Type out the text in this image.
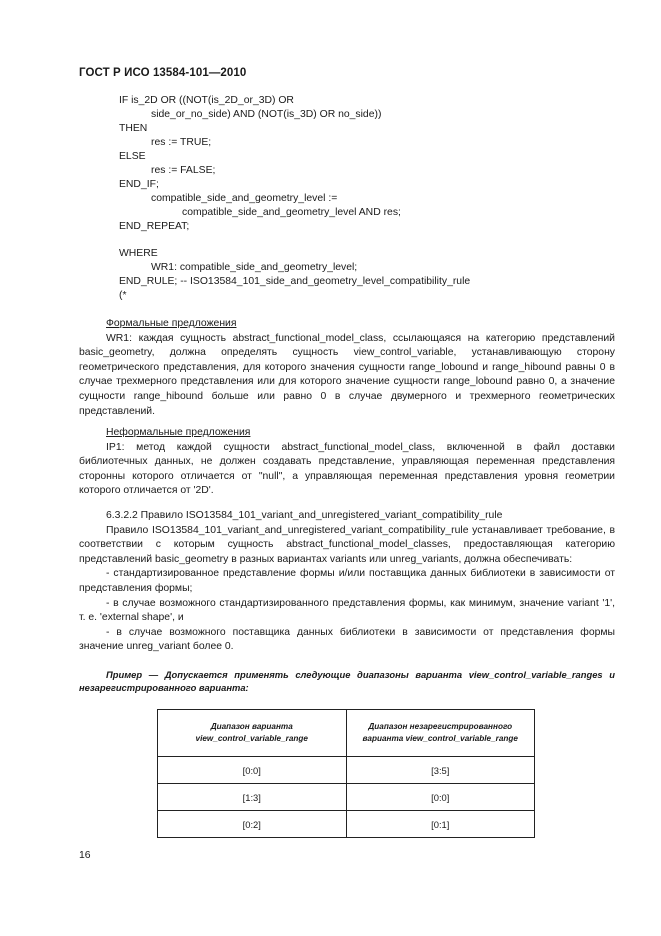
ГОСТ Р ИСО 13584-101—2010
IF is_2D OR ((NOT(is_2D_or_3D) OR
side_or_no_side) AND (NOT(is_3D) OR no_side))
THEN
res := TRUE;
ELSE
res := FALSE;
END_IF;
compatible_side_and_geometry_level :=
compatible_side_and_geometry_level AND res;
END_REPEAT;
WHERE
WR1: compatible_side_and_geometry_level;
END_RULE; -- ISO13584_101_side_and_geometry_level_compatibility_rule
(*

Формальные предложения

WR1: каждая сущность abstract_functional_model_class, ссылающаяся на категорию представлений basic_geometry, должна определять сущность view_control_variable, устанавливающую сторону геометрического представления, для которого значения сущности range_lobound и range_hibound равны 0 в случае трехмерного представления или для которого значение сущности range_lobound равно 0, а значение сущности range_hibound больше или равно 0 в случае двумерного и трехмерного геометрических представлений.

Неформальные предложения

IP1: метод каждой сущности abstract_functional_model_class, включенной в файл доставки библиотечных данных, не должен создавать представление, управляющая переменная представления сторонны которого отличается от "null", а управляющая переменная представления уровня геометрии которого отличается от '2D'.

6.3.2.2 Правило ISO13584_101_variant_and_unregistered_variant_compatibility_rule

Правило ISO13584_101_variant_and_unregistered_variant_compatibility_rule устанавливает требование, в соответствии с которым сущность abstract_functional_model_classes, предоставляющая категорию представлений basic_geometry в разных вариантах variants или unreg_variants, должна обеспечивать:

- стандартизированное представление формы и/или поставщика данных библиотеки в зависимости от представления формы;

- в случае возможного стандартизированного представления формы, как минимум, значение variant '1', т. е. 'external shape', и

- в случае возможного поставщика данных библиотеки в зависимости от представления формы значение unreg_variant более 0.

Пример — Допускается применять следующие диапазоны варианта view_control_variable_ranges и незарегистрированного варианта:

Диапазон варианта
view_control_variable_range	Диапазон незарегистрированного
варианта view_control_variable_range

[0:0]	[3:5]
[1:3]	[0:0]
[0:2]	[0:1]
16
